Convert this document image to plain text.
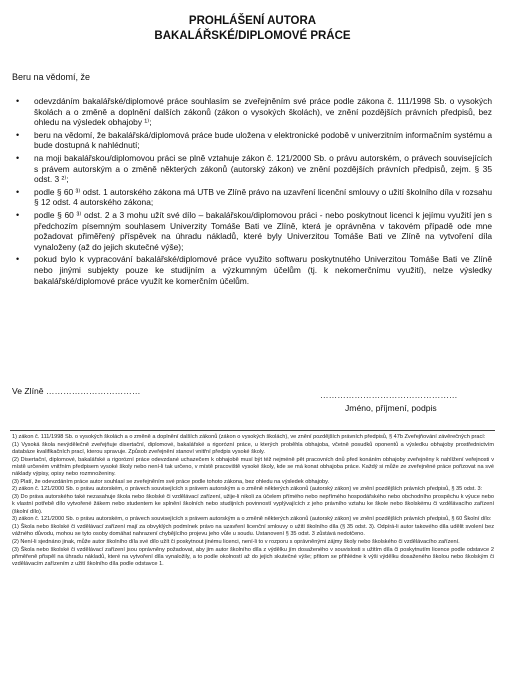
PROHLÁŠENÍ AUTORA
BAKALÁŘSKÉ/DIPLOMOVÉ PRÁCE
Beru na vědomí, že
• odevzdáním bakalářské/diplomové práce souhlasím se zveřejněním své práce podle zákona č. 111/1998 Sb. o vysokých školách a o změně a doplnění dalších zákonů (zákon o vysokých školách), ve znění pozdějších právních předpisů, bez ohledu na výsledek obhajoby ¹⁾;
• beru na vědomí, že bakalářská/diplomová práce bude uložena v elektronické podobě v univerzitním informačním systému a bude dostupná k nahlédnutí;
• na moji bakalářskou/diplomovou práci se plně vztahuje zákon č. 121/2000 Sb. o právu autorském, o právech souvisejících s právem autorským a o změně některých zákonů (autorský zákon) ve znění pozdějších právních předpisů, zejm. § 35 odst. 3 ²⁾;
• podle § 60 ³⁾ odst. 1 autorského zákona má UTB ve Zlíně právo na uzavření licenční smlouvy o užití školního díla v rozsahu § 12 odst. 4 autorského zákona;
• podle § 60 ³⁾ odst. 2 a 3 mohu užít své dílo – bakalářskou/diplomovou práci - nebo poskytnout licenci k jejímu využití jen s předchozím písemným souhlasem Univerzity Tomáše Bati ve Zlíně, která je oprávněna v takovém případě ode mne požadovat přiměřený příspěvek na úhradu nákladů, které byly Univerzitou Tomáše Bati ve Zlíně na vytvoření díla vynaloženy (až do jejich skutečné výše);
• pokud bylo k vypracování bakalářské/diplomové práce využito softwaru poskytnutého Univerzitou Tomáše Bati ve Zlíně nebo jinými subjekty pouze ke studijním a výzkumným účelům (tj. k nekomerčnímu využití), nelze výsledky bakalářské/diplomové práce využít ke komerčním účelům.
Ve Zlíně ……………………………	…………………………………………
Jméno, příjmení, podpis

1) zákon č. 111/1998 Sb. o vysokých školách a o změně a doplnění dalších zákonů (zákon o vysokých školách), ve znění pozdějších právních předpisů, § 47b Zveřejňování závěrečných prací:

(1) Vysoká škola nevýdělečně zveřejňuje disertační, diplomové, bakalářské a rigorózní práce, u kterých proběhla obhajoba, včetně posudků oponentů a výsledku obhajoby prostřednictvím databáze kvalifikačních prací, kterou spravuje. Způsob zveřejnění stanoví vnitřní předpis vysoké školy.

(2) Disertační, diplomové, bakalářské a rigorózní práce odevzdané uchazečem k obhajobě musí být též nejméně pět pracovních dnů před konáním obhajoby zveřejněny k nahlížení veřejnosti v místě určeném vnitřním předpisem vysoké školy nebo není-li tak určeno, v místě pracoviště vysoké školy, kde se má konat obhajoba práce. Každý si může ze zveřejněné práce pořizovat na své náklady výpisy, opisy nebo rozmnoženiny.

(3) Platí, že odevzdáním práce autor souhlasí se zveřejněním své práce podle tohoto zákona, bez ohledu na výsledek obhajoby.

2) zákon č. 121/2000 Sb. o právu autorském, o právech souvisejících s právem autorským a o změně některých zákonů (autorský zákon) ve znění pozdějších právních předpisů, § 35 odst. 3:

(3) Do práva autorského také nezasahuje škola nebo školské či vzdělávací zařízení, užije-li nikoli za účelem přímého nebo nepřímého hospodářského nebo obchodního prospěchu k výuce nebo k vlastní potřebě dílo vytvořené žákem nebo studentem ke splnění školních nebo studijních povinností vyplývajících z jeho právního vztahu ke škole nebo školskému či vzdělávacího zařízení (školní dílo).

3) zákon č. 121/2000 Sb. o právu autorském, o právech souvisejících s právem autorským a o změně některých zákonů (autorský zákon) ve znění pozdějších právních předpisů, § 60 Školní dílo:

(1) Škola nebo školské či vzdělávací zařízení mají za obvyklých podmínek právo na uzavření licenční smlouvy o užití školního díla (§ 35 odst. 3). Odpírá-li autor takového díla udělit svolení bez vážného důvodu, mohou se tyto osoby domáhat nahrazení chybějícího projevu jeho vůle u soudu. Ustanovení § 35 odst. 3 zůstává nedotčeno.

(2) Není-li sjednáno jinak, může autor školního díla své dílo užít či poskytnout jinému licenci, není-li to v rozporu s oprávněnými zájmy školy nebo školského či vzdělávacího zařízení.

(3) Škola nebo školské či vzdělávací zařízení jsou oprávněny požadovat, aby jim autor školního díla z výdělku jím dosaženého v souvislosti s užitím díla či poskytnutím licence podle odstavce 2 přiměřeně přispěl na úhradu nákladů, které na vytvoření díla vynaložily, a to podle okolností až do jejich skutečné výše; přitom se přihlédne k výši výdělku dosaženého školou nebo školským či vzdělávacím zařízením z užití školního díla podle odstavce 1.
